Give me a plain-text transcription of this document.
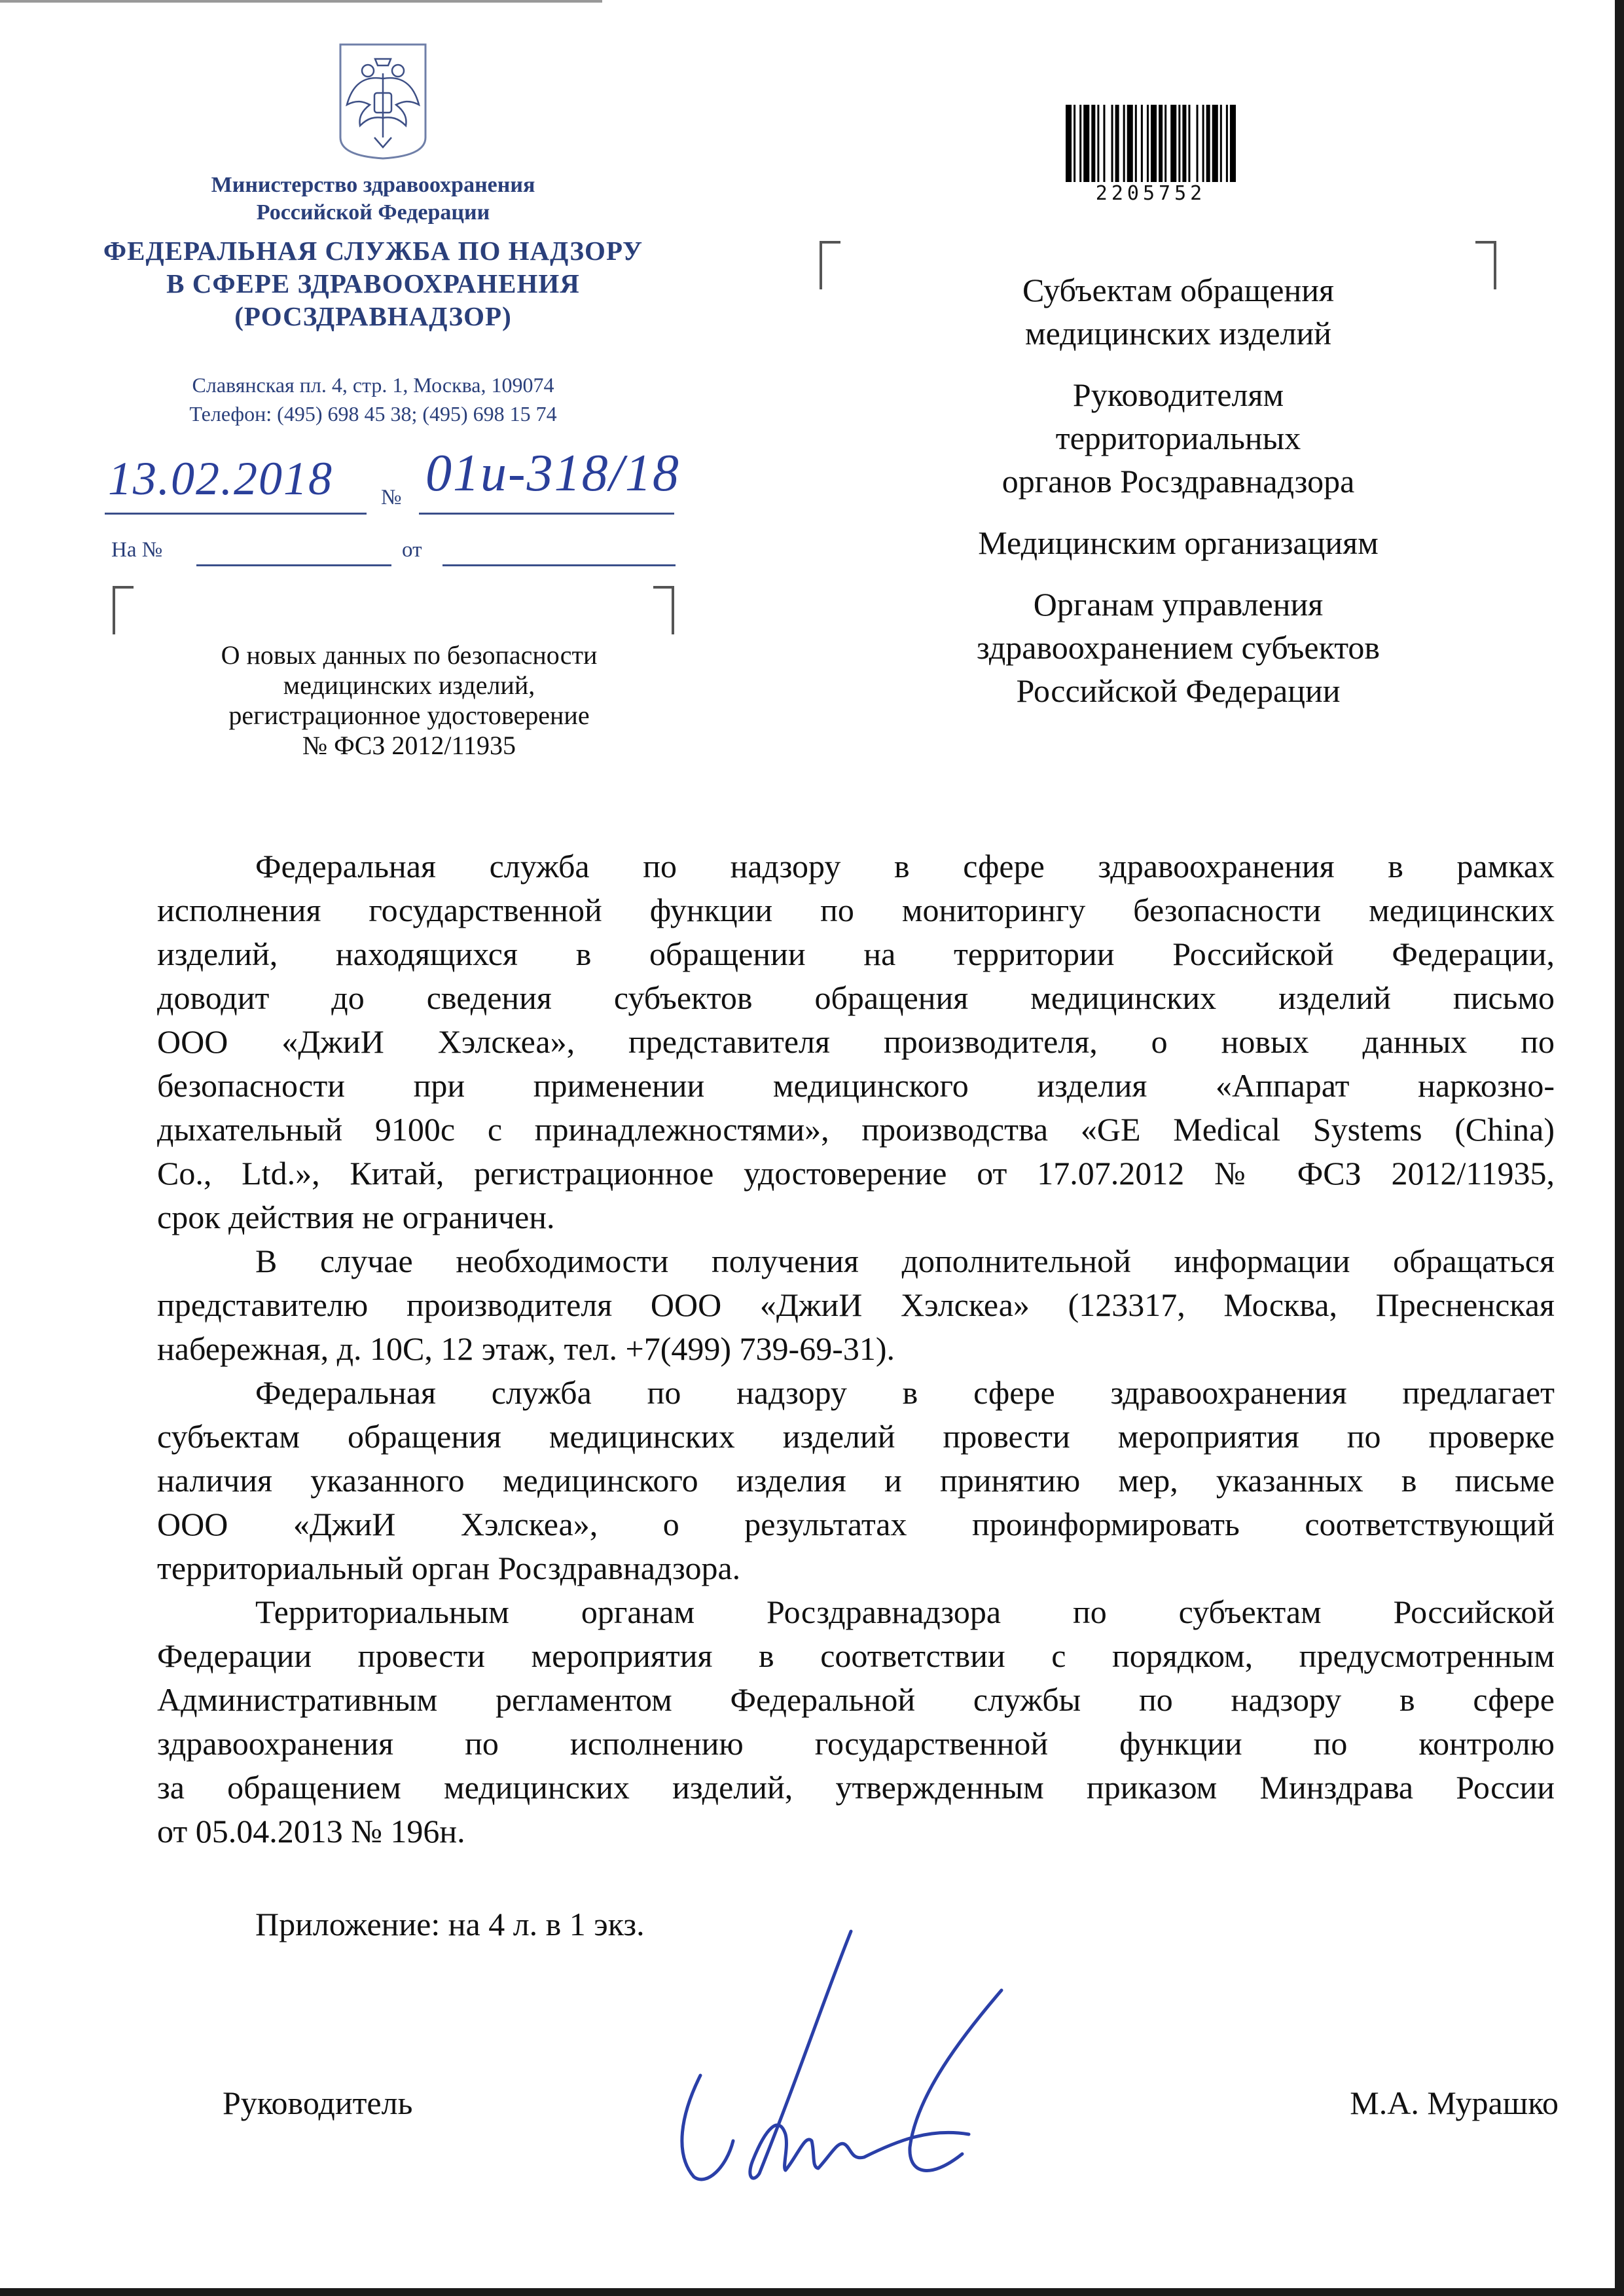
Министерство здравоохранения
Российской Федерации
ФЕДЕРАЛЬНАЯ СЛУЖБА ПО НАДЗОРУ
В СФЕРЕ ЗДРАВООХРАНЕНИЯ
(РОСЗДРАВНАДЗОР)
Славянская пл. 4, стр. 1, Москва, 109074
Телефон: (495) 698 45 38; (495) 698 15 74
13.02.2018 № 01и-318/18
На №	от
О новых данных по безопасности
медицинских изделий,
регистрационное удостоверение
№ ФСЗ 2012/11935
2205752
Субъектам обращения
медицинских изделий
Руководителям
территориальных
органов Росздравнадзора
Медицинским организациям
Органам управления
здравоохранением субъектов
Российской Федерации
Федеральная служба по надзору в сфере здравоохранения в рамках
исполнения государственной функции по мониторингу безопасности медицинских
изделий, находящихся в обращении на территории Российской Федерации,
доводит до сведения субъектов обращения медицинских изделий письмо
ООО «ДжиИ Хэлскеа», представителя производителя, о новых данных по
безопасности при применении медицинского изделия «Аппарат наркозно-
дыхательный 9100с с принадлежностями», производства «GE Medical Systems (China)
Co., Ltd.», Китай, регистрационное удостоверение от 17.07.2012 № ФСЗ 2012/11935,
срок действия не ограничен.
В случае необходимости получения дополнительной информации обращаться
представителю производителя ООО «ДжиИ Хэлскеа» (123317, Москва, Пресненская
набережная, д. 10С, 12 этаж, тел. +7(499) 739-69-31).
Федеральная служба по надзору в сфере здравоохранения предлагает
субъектам обращения медицинских изделий провести мероприятия по проверке
наличия указанного медицинского изделия и принятию мер, указанных в письме
ООО «ДжиИ Хэлскеа», о результатах проинформировать соответствующий
территориальный орган Росздравнадзора.
Территориальным органам Росздравнадзора по субъектам Российской
Федерации провести мероприятия в соответствии с порядком, предусмотренным
Административным регламентом Федеральной службы по надзору в сфере
здравоохранения по исполнению государственной функции по контролю
за обращением медицинских изделий, утвержденным приказом Минздрава России
от 05.04.2013 № 196н.
Приложение: на 4 л. в 1 экз.
Руководитель	М.А. Мурашко
